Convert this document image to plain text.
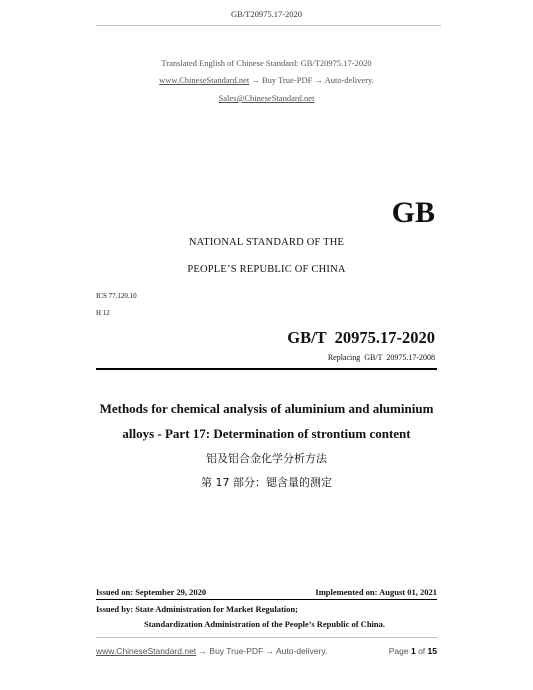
GB/T20975.17-2020
Translated English of Chinese Standard: GB/T20975.17-2020
www.ChineseStandard.net → Buy True-PDF → Auto-delivery.
Sales@ChineseStandard.net
GB
NATIONAL STANDARD OF THE
PEOPLE’S REPUBLIC OF CHINA
ICS 77.120.10
H 12
GB/T  20975.17-2020
Replacing  GB/T  20975.17-2008
Methods for chemical analysis of aluminium and aluminium
alloys - Part 17: Determination of strontium content
铝及铝合金化学分析方法
第 17 部分：锶含量的测定
Issued on: September 29, 2020	Implemented on: August 01, 2021
Issued by: State Administration for Market Regulation;
Standardization Administration of the People’s Republic of China.
www.ChineseStandard.net → Buy True-PDF → Auto-delivery.	Page 1 of 15
